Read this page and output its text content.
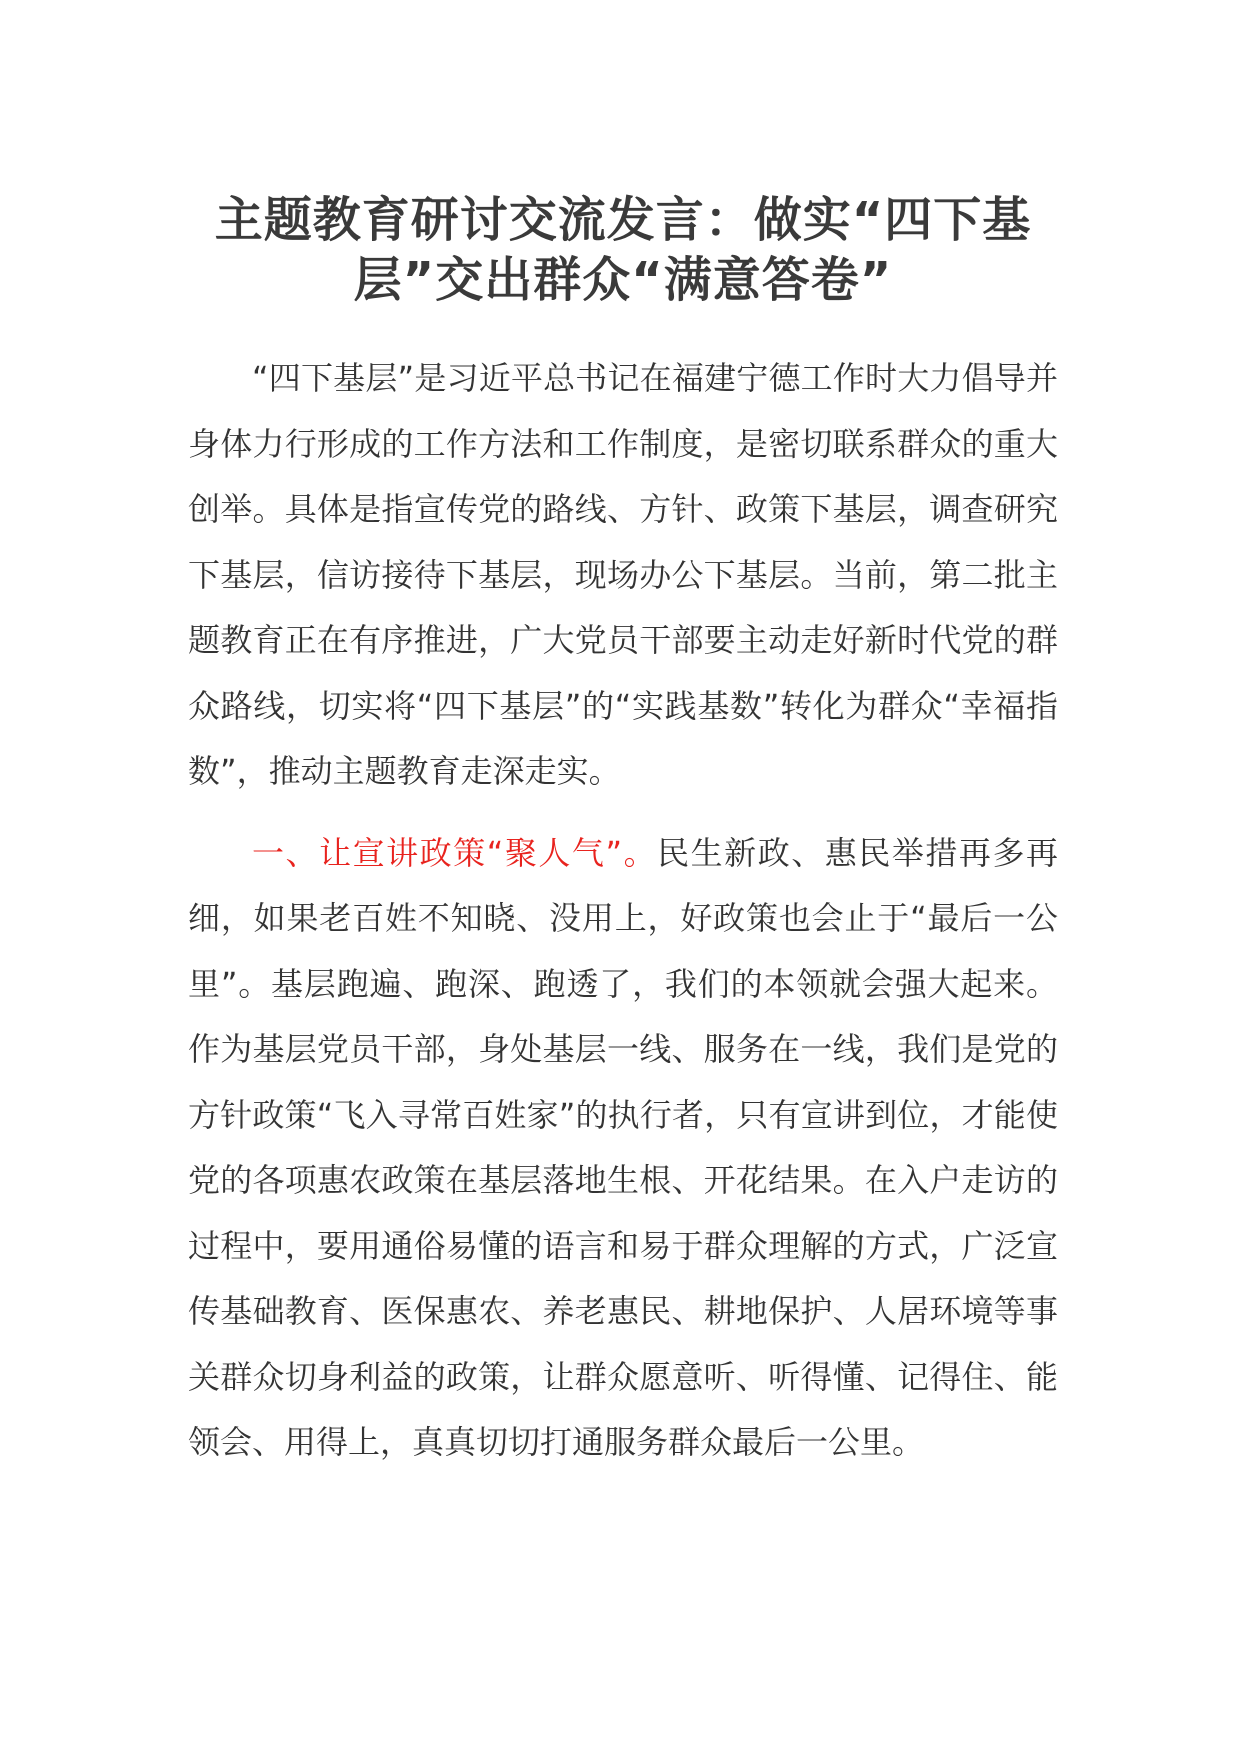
主题教育研讨交流发言：做实“四下基
层”交出群众“满意答卷”

“四下基层”是习近平总书记在福建宁德工作时大力倡导并身体力行形成的工作方法和工作制度，是密切联系群众的重大创举。具体是指宣传党的路线、方针、政策下基层，调查研究下基层，信访接待下基层，现场办公下基层。当前，第二批主题教育正在有序推进，广大党员干部要主动走好新时代党的群众路线，切实将“四下基层”的“实践基数”转化为群众“幸福指数”，推动主题教育走深走实。

一、让宣讲政策“聚人气”。民生新政、惠民举措再多再细，如果老百姓不知晓、没用上，好政策也会止于“最后一公里”。基层跑遍、跑深、跑透了，我们的本领就会强大起来。作为基层党员干部，身处基层一线、服务在一线，我们是党的方针政策“飞入寻常百姓家”的执行者，只有宣讲到位，才能使党的各项惠农政策在基层落地生根、开花结果。在入户走访的过程中，要用通俗易懂的语言和易于群众理解的方式，广泛宣传基础教育、医保惠农、养老惠民、耕地保护、人居环境等事关群众切身利益的政策，让群众愿意听、听得懂、记得住、能领会、用得上，真真切切打通服务群众最后一公里。
